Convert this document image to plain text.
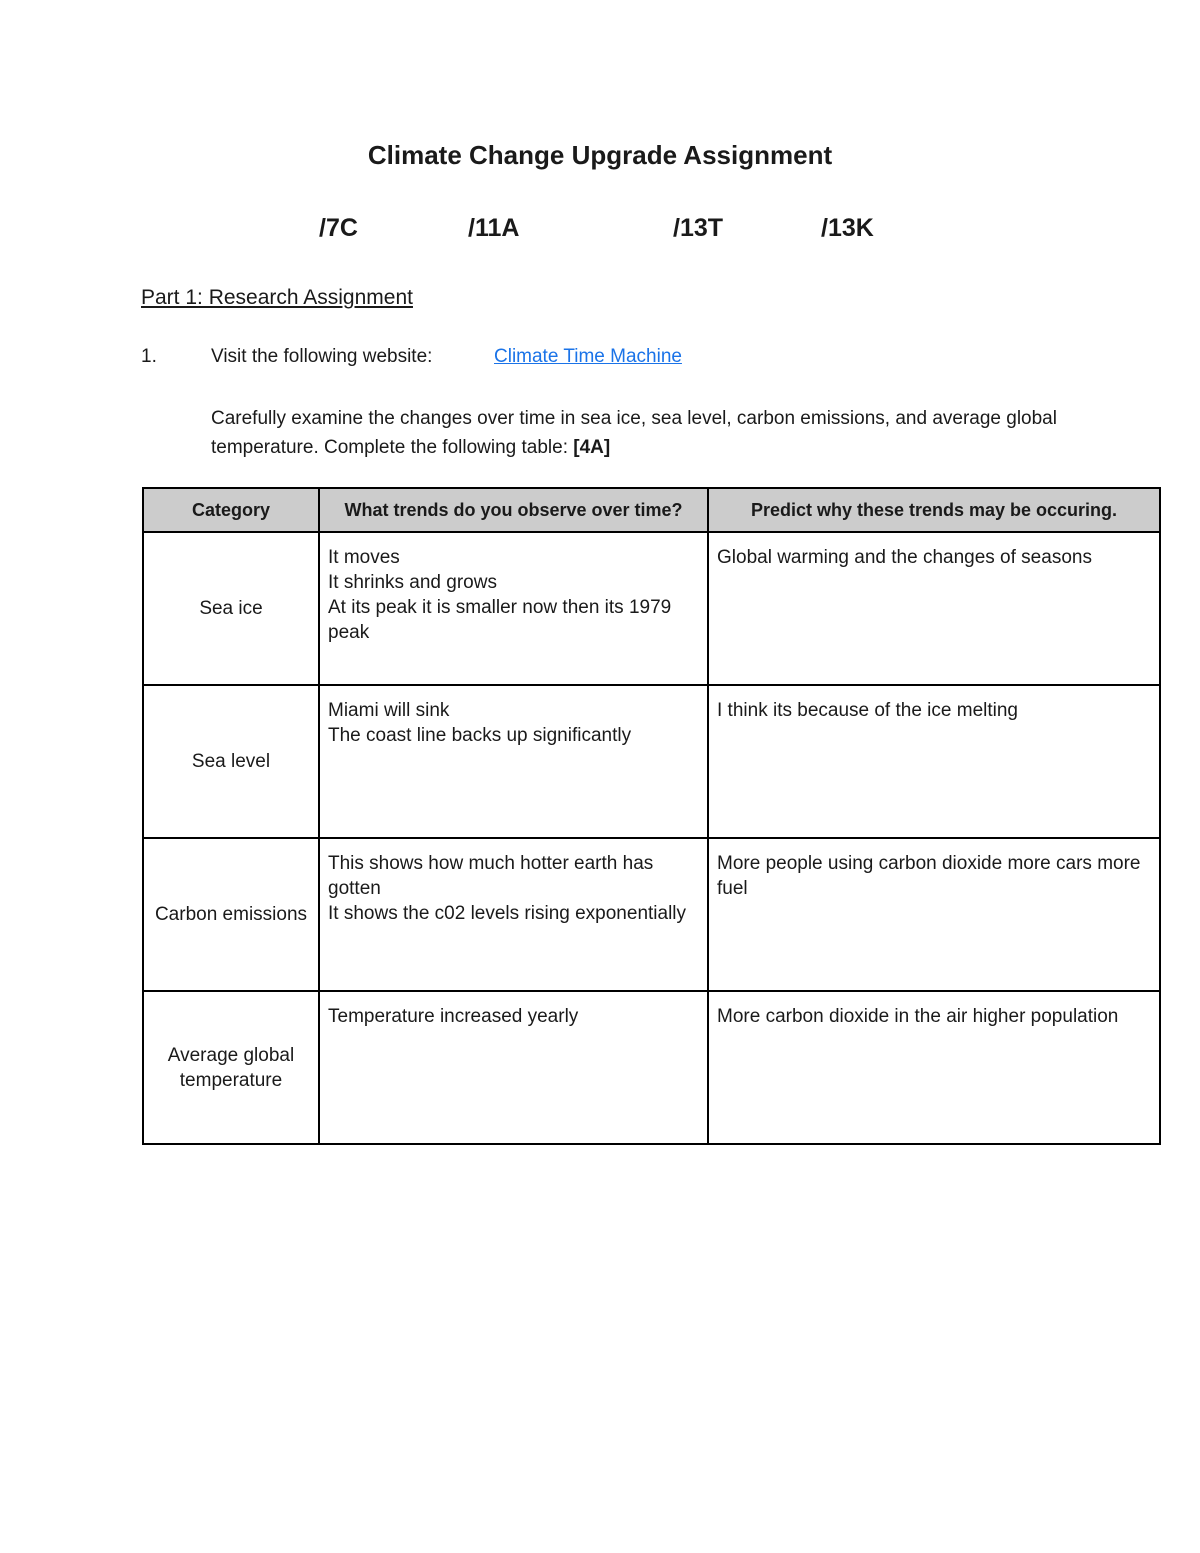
Climate Change Upgrade Assignment
/7C	/11A	/13T	/13K
Part 1: Research Assignment
1.	Visit the following website:	Climate Time Machine

Carefully examine the changes over time in sea ice, sea level, carbon emissions, and average global temperature. Complete the following table: [4A]

Category	What trends do you observe over time?	Predict why these trends may be occuring.
Sea ice	It moves
It shrinks and grows
At its peak it is smaller now then its 1979 peak	Global warming and the changes of seasons

Sea level	Miami will sink
The coast line backs up significantly	I think its because of the ice melting

Carbon emissions	This shows how much hotter earth has gotten
It shows the c02 levels rising exponentially	More people using carbon dioxide more cars more fuel

Average global temperature	Temperature increased yearly	More carbon dioxide in the air higher population
